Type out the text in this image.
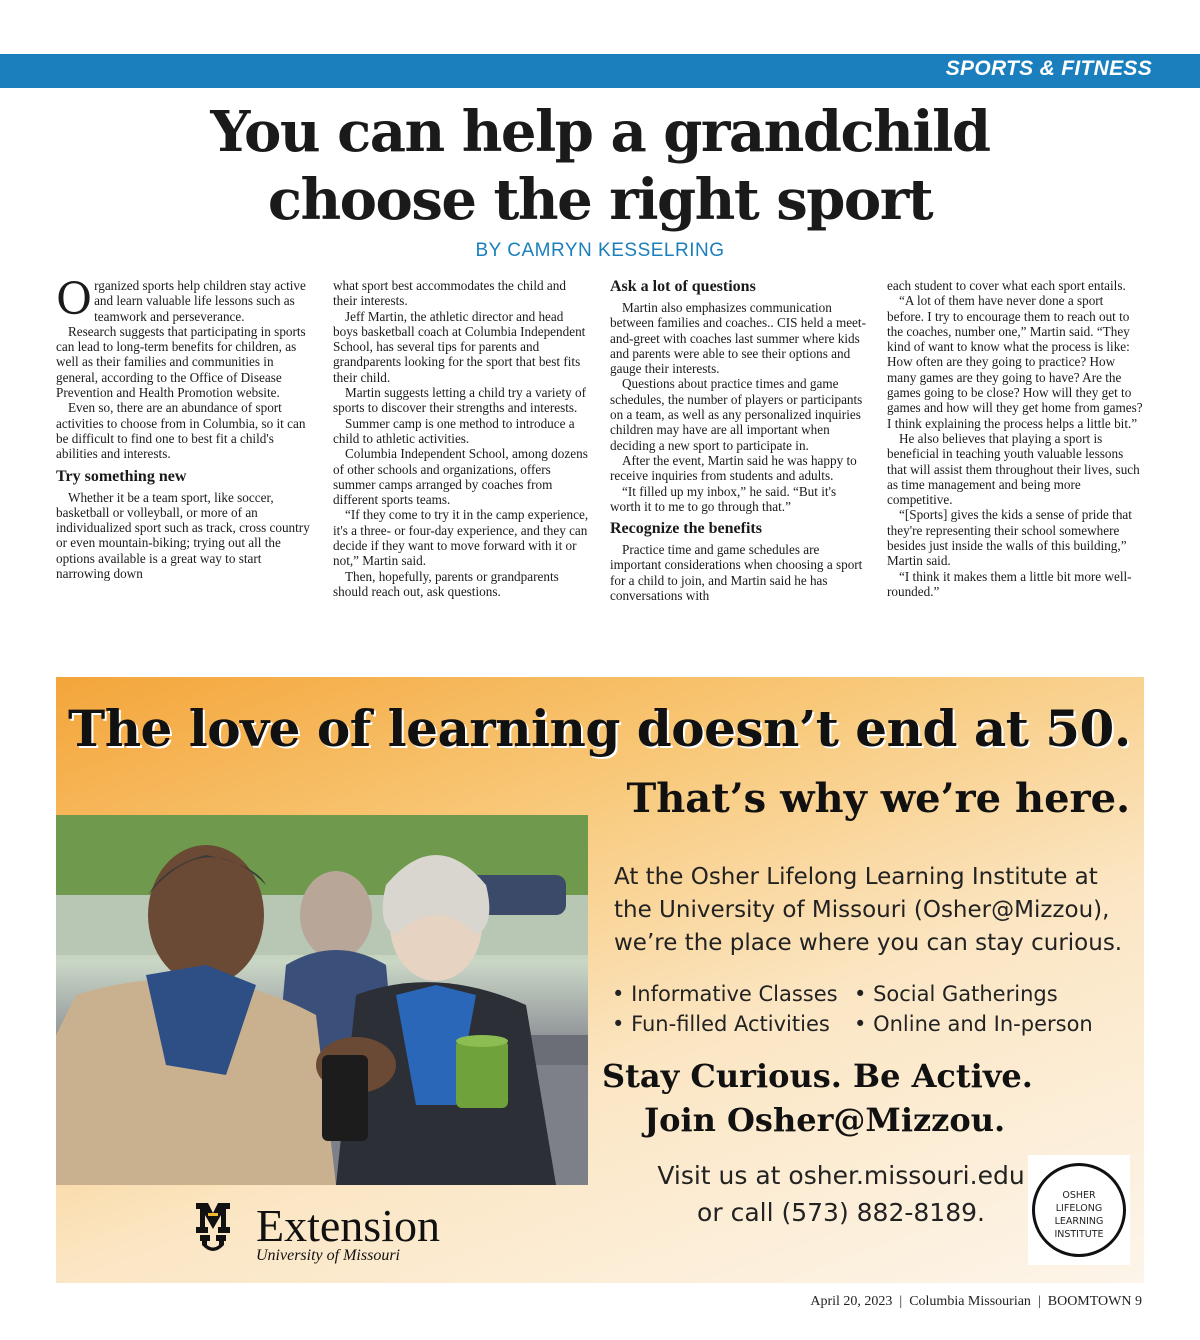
SPORTS & FITNESS
You can help a grandchild
choose the right sport
BY CAMRYN KESSELRING

Organized sports help children stay active and learn valuable life lessons such as teamwork and perseverance.

Research suggests that participating in sports can lead to long-term benefits for children, as well as their families and communities in general, according to the Office of Disease Prevention and Health Promotion website.

Even so, there are an abundance of sport activities to choose from in Columbia, so it can be difficult to find one to best fit a child's abilities and interests.

Try something new

Whether it be a team sport, like soccer, basketball or volleyball, or more of an individualized sport such as track, cross country or even mountain-biking; trying out all the options available is a great way to start narrowing down

what sport best accommodates the child and their interests.

Jeff Martin, the athletic director and head boys basketball coach at Columbia Independent School, has several tips for parents and grandparents looking for the sport that best fits their child.

Martin suggests letting a child try a variety of sports to discover their strengths and interests.

Summer camp is one method to introduce a child to athletic activities.

Columbia Independent School, among dozens of other schools and organizations, offers summer camps arranged by coaches from different sports teams.

“If they come to try it in the camp experience, it's a three- or four-day experience, and they can decide if they want to move forward with it or not,” Martin said.

Then, hopefully, parents or grandparents should reach out, ask questions.

Ask a lot of questions

Martin also emphasizes communication between families and coaches.. CIS held a meet-and-greet with coaches last summer where kids and parents were able to see their options and gauge their interests.

Questions about practice times and game schedules, the number of players or participants on a team, as well as any personalized inquiries children may have are all important when deciding a new sport to participate in.

After the event, Martin said he was happy to receive inquiries from students and adults.

“It filled up my inbox,” he said. “But it's worth it to me to go through that.”

Recognize the benefits

Practice time and game schedules are important considerations when choosing a sport for a child to join, and Martin said he has conversations with

each student to cover what each sport entails.

“A lot of them have never done a sport before. I try to encourage them to reach out to the coaches, number one,” Martin said. “They kind of want to know what the process is like: How often are they going to practice? How many games are they going to have? Are the games going to be close? How will they get to games and how will they get home from games? I think explaining the process helps a little bit.”

He also believes that playing a sport is beneficial in teaching youth valuable lessons that will assist them throughout their lives, such as time management and being more competitive.

“[Sports] gives the kids a sense of pride that they're representing their school somewhere besides just inside the walls of this building,” Martin said.

“I think it makes them a little bit more well-rounded.”

The love of learning doesn’t end at 50.
That’s why we’re here.
At the Osher Lifelong Learning Institute at
the University of Missouri (Osher@Mizzou),
we’re the place where you can stay curious.
• Informative Classes
• Fun-filled Activities
• Social Gatherings
• Online and In-person
Stay Curious. Be Active.
Join Osher@Mizzou.
Visit us at osher.missouri.edu
or call (573) 882-8189.
Extension
University of Missouri
OSHER
LIFELONG
LEARNING
INSTITUTE
April 20, 2023  |  Columbia Missourian  |  BOOMTOWN 9
